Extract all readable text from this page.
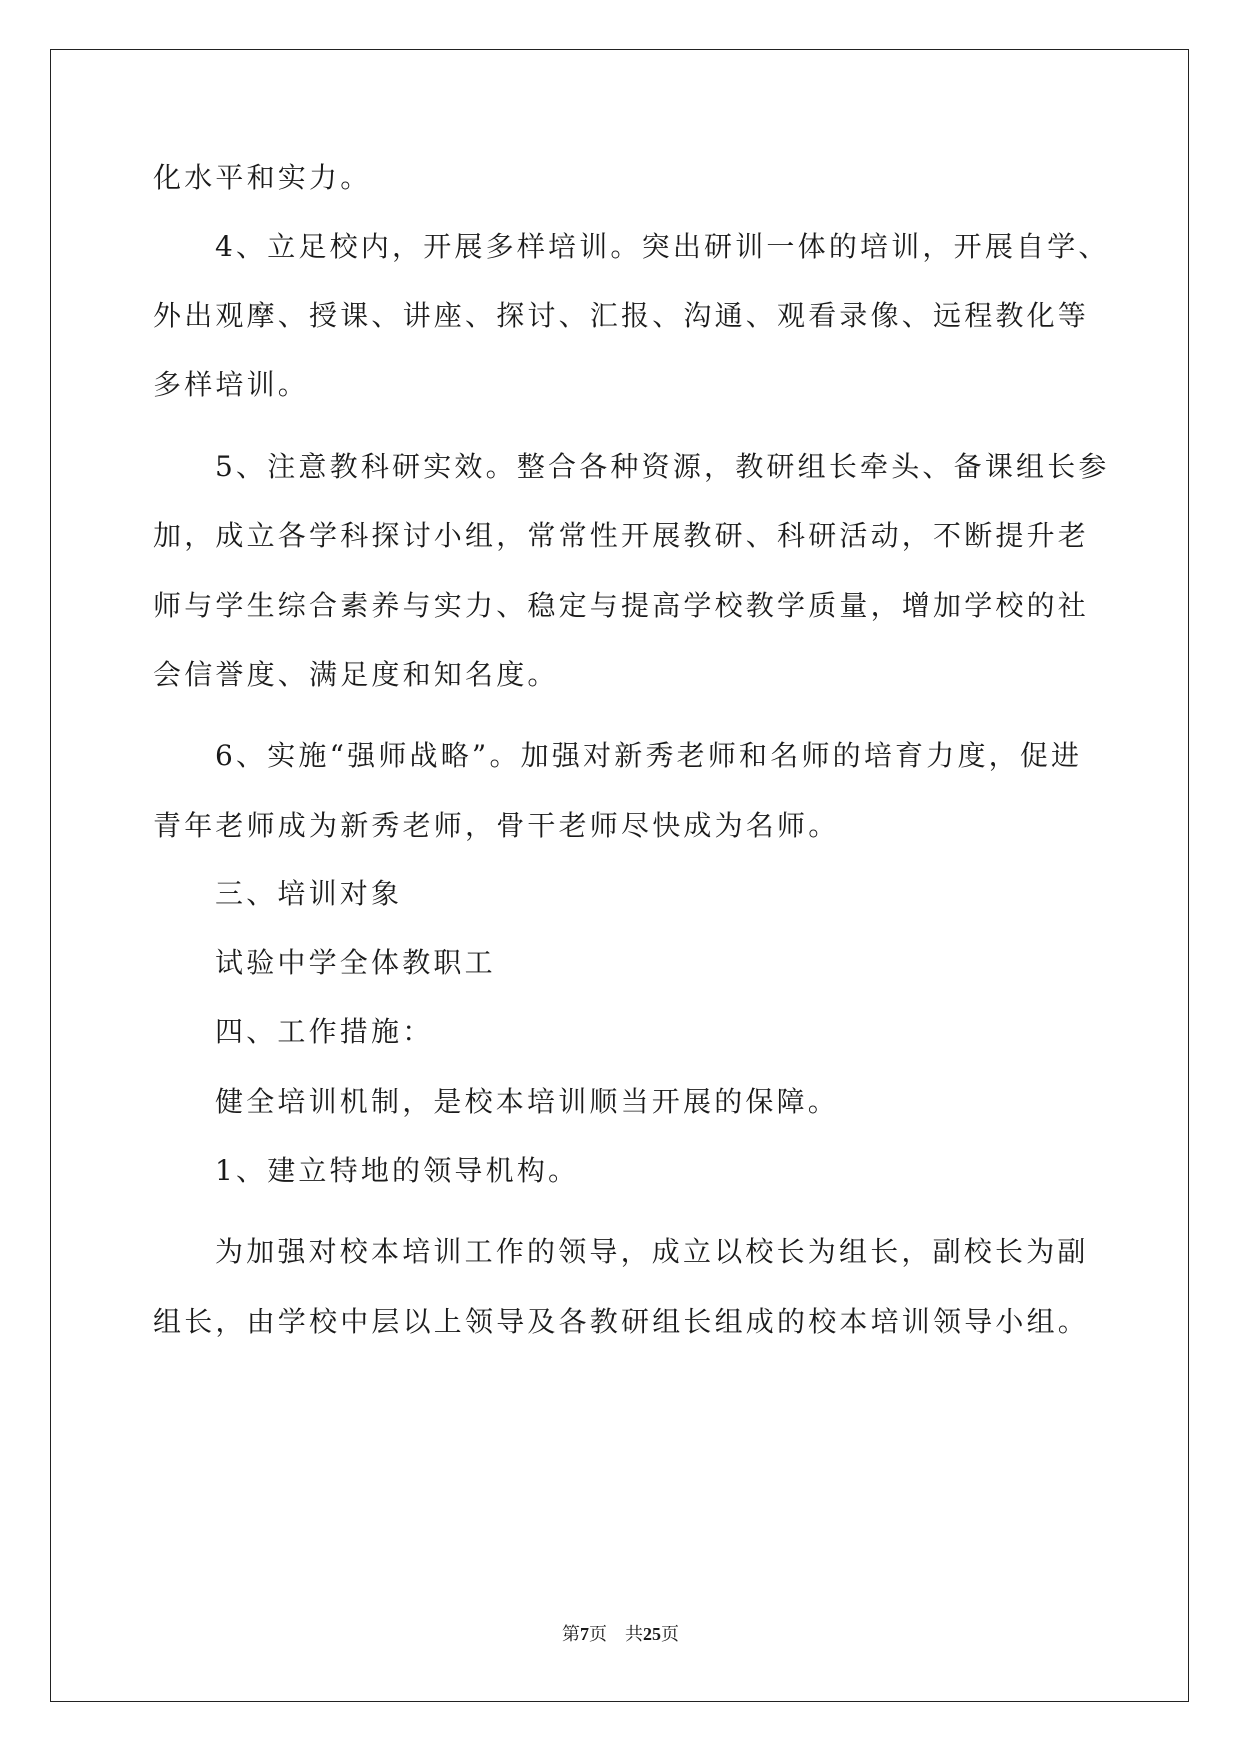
化水平和实力。
4、立足校内，开展多样培训。突出研训一体的培训，开展自学、
外出观摩、授课、讲座、探讨、汇报、沟通、观看录像、远程教化等
多样培训。
5、注意教科研实效。整合各种资源，教研组长牵头、备课组长参
加，成立各学科探讨小组，常常性开展教研、科研活动，不断提升老
师与学生综合素养与实力、稳定与提高学校教学质量，增加学校的社
会信誉度、满足度和知名度。
6、实施“强师战略”。加强对新秀老师和名师的培育力度，促进
青年老师成为新秀老师，骨干老师尽快成为名师。
三、培训对象
试验中学全体教职工
四、工作措施：
健全培训机制，是校本培训顺当开展的保障。
1、建立特地的领导机构。
为加强对校本培训工作的领导，成立以校长为组长，副校长为副
组长，由学校中层以上领导及各教研组长组成的校本培训领导小组。
第7页 共25页
